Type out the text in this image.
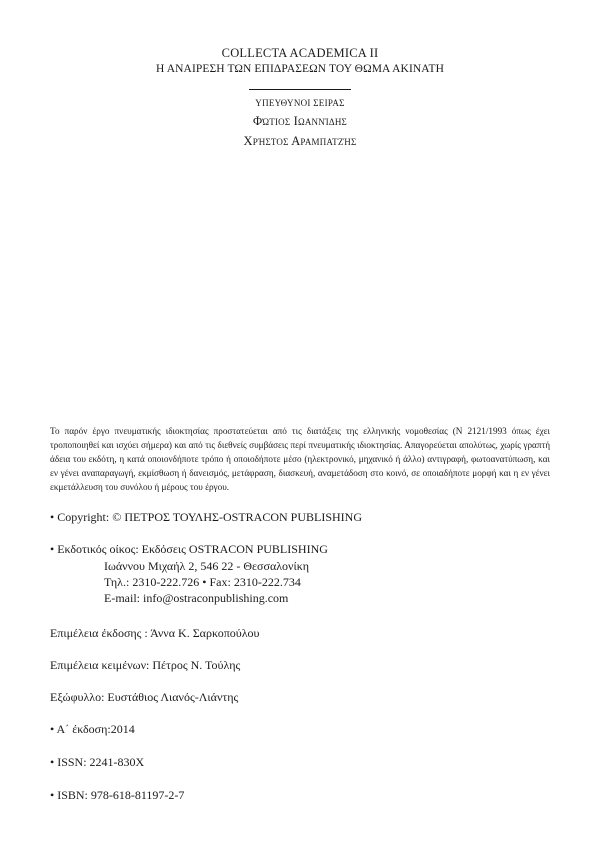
COLLECTA ACADEMICA II
Η ΑΝΑΙΡΕΣΗ ΤΩΝ ΕΠΙΔΡΑΣΕΩΝ ΤΟΥ ΘΩΜΑ ΑΚΙΝΑΤΗ
ΥΠΕΥΘΥΝΟΙ ΣΕΙΡΑΣ
Φώτιος Ιωαννίδης
Χρήστος Αραμπατζής
Το παρόν έργο πνευματικής ιδιοκτησίας προστατεύεται από τις διατάξεις της ελληνικής νομοθεσίας (Ν 2121/1993 όπως έχει τροποποιηθεί και ισχύει σήμερα) και από τις διεθνείς συμβάσεις περί πνευματικής ιδιοκτησίας. Απαγορεύεται απολύτως, χωρίς γραπτή άδεια του εκδότη, η κατά οποιονδήποτε τρόπο ή οποιοδήποτε μέσο (ηλεκτρονικό, μηχανικό ή άλλο) αντιγραφή, φωτοανατύπωση, και εν γένει αναπαραγωγή, εκμίσθωση ή δανεισμός, μετάφραση, διασκευή, αναμετάδοση στο κοινό, σε οποιαδήποτε μορφή και η εν γένει εκμετάλλευση του συνόλου ή μέρους του έργου.
• Copyright: © ΠΕΤΡΟΣ ΤΟΥΛΗΣ-OSTRACON PUBLISHING
• Εκδοτικός οίκος: Εκδόσεις OSTRACON PUBLISHING
Ιωάννου Μιχαήλ 2, 546 22 - Θεσσαλονίκη
Τηλ.: 2310-222.726 • Fax: 2310-222.734
E-mail: info@ostraconpublishing.com
Επιμέλεια έκδοσης : Άννα Κ. Σαρκοπούλου
Επιμέλεια κειμένων: Πέτρος Ν. Τούλης
Εξώφυλλο: Ευστάθιος Λιανός-Λιάντης
• Α΄ έκδοση:2014
• ISSN: 2241-830X
• ISBN: 978-618-81197-2-7
